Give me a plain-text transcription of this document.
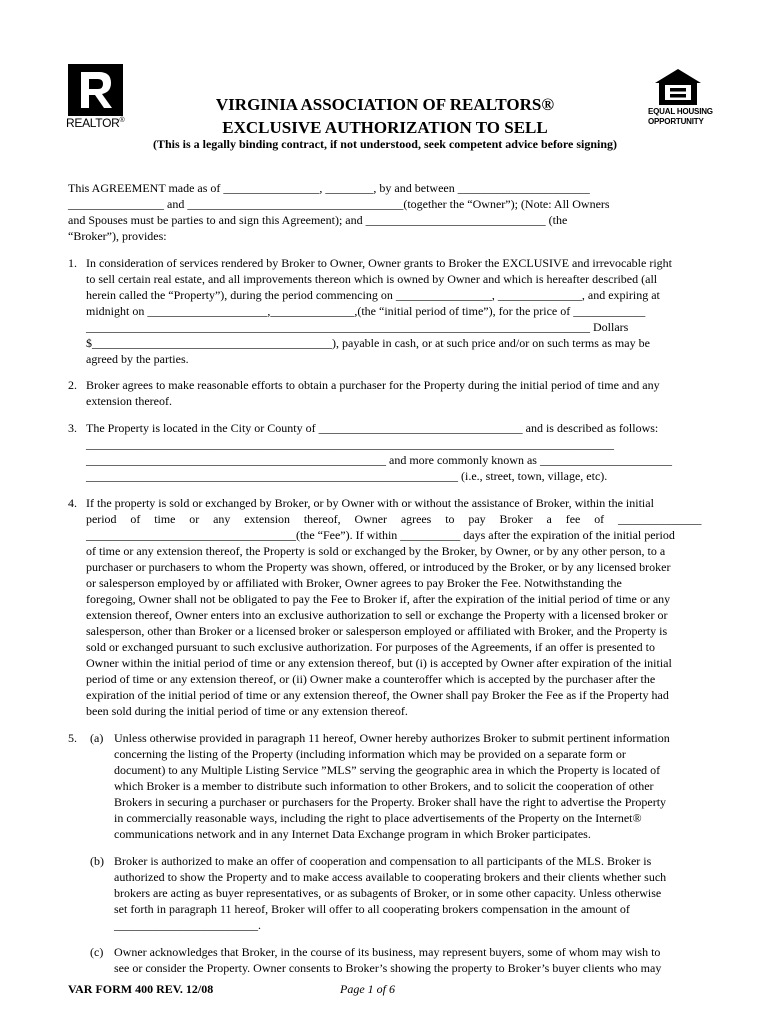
REALTOR®
EQUAL HOUSING
OPPORTUNITY
VIRGINIA ASSOCIATION OF REALTORS®
EXCLUSIVE AUTHORIZATION TO SELL
(This is a legally binding contract, if not understood, seek competent advice before signing)
This AGREEMENT made as of ________________, ________, by and between ______________________
________________ and ____________________________________(together the “Owner”); (Note: All Owners
and Spouses must be parties to and sign this Agreement); and ______________________________ (the
“Broker”), provides:
1. In consideration of services rendered by Broker to Owner, Owner grants to Broker the EXCLUSIVE and irrevocable right
to sell certain real estate, and all improvements thereon which is owned by Owner and which is hereafter described (all
herein called the “Property”), during the period commencing on ________________, ______________, and expiring at
midnight on ____________________,______________,(the “initial period of time”), for the price of ____________
____________________________________________________________________________________ Dollars
$________________________________________), payable in cash, or at such price and/or on such terms as may be
agreed by the parties.
2. Broker agrees to make reasonable efforts to obtain a purchaser for the Property during the initial period of time and any
extension thereof.
3. The Property is located in the City or County of __________________________________ and is described as follows:
________________________________________________________________________________________
__________________________________________________ and more commonly known as ______________________
______________________________________________________________ (i.e., street, town, village, etc).
4. If the property is sold or exchanged by Broker, or by Owner with or without the assistance of Broker, within the initial
period of time or any extension thereof, Owner agrees to pay Broker a fee of ______________
___________________________________(the “Fee”). If within __________ days after the expiration of the initial period
of time or any extension thereof, the Property is sold or exchanged by the Broker, by Owner, or by any other person, to a
purchaser or purchasers to whom the Property was shown, offered, or introduced by the Broker, or by any licensed broker
or salesperson employed by or affiliated with Broker, Owner agrees to pay Broker the Fee. Notwithstanding the
foregoing, Owner shall not be obligated to pay the Fee to Broker if, after the expiration of the initial period of time or any
extension thereof, Owner enters into an exclusive authorization to sell or exchange the Property with a licensed broker or
salesperson, other than Broker or a licensed broker or salesperson employed or affiliated with Broker, and the Property is
sold or exchanged pursuant to such exclusive authorization. For purposes of the Agreements, if an offer is presented to
Owner within the initial period of time or any extension thereof, but (i) is accepted by Owner after expiration of the initial
period of time or any extension thereof, or (ii) Owner make a counteroffer which is accepted by the purchaser after the
expiration of the initial period of time or any extension thereof, the Owner shall pay Broker the Fee as if the Property had
been sold during the initial period of time or any extension thereof.
5. (a) Unless otherwise provided in paragraph 11 hereof, Owner hereby authorizes Broker to submit pertinent information
concerning the listing of the Property (including information which may be provided on a separate form or
document) to any Multiple Listing Service ”MLS” serving the geographic area in which the Property is located of
which Broker is a member to distribute such information to other Brokers, and to solicit the cooperation of other
Brokers in securing a purchaser or purchasers for the Property. Broker shall have the right to advertise the Property
in commercially reasonable ways, including the right to place advertisements of the Property on the Internet®
communications network and in any Internet Data Exchange program in which Broker participates.
(b) Broker is authorized to make an offer of cooperation and compensation to all participants of the MLS. Broker is
authorized to show the Property and to make access available to cooperating brokers and their clients whether such
brokers are acting as buyer representatives, or as subagents of Broker, or in some other capacity. Unless otherwise
set forth in paragraph 11 hereof, Broker will offer to all cooperating brokers compensation in the amount of
________________________.
(c) Owner acknowledges that Broker, in the course of its business, may represent buyers, some of whom may wish to
VAR FORM 400 REV. 12/08	Page 1 of 6
see or consider the Property. Owner consents to Broker’s showing the property to Broker’s buyer clients who may
